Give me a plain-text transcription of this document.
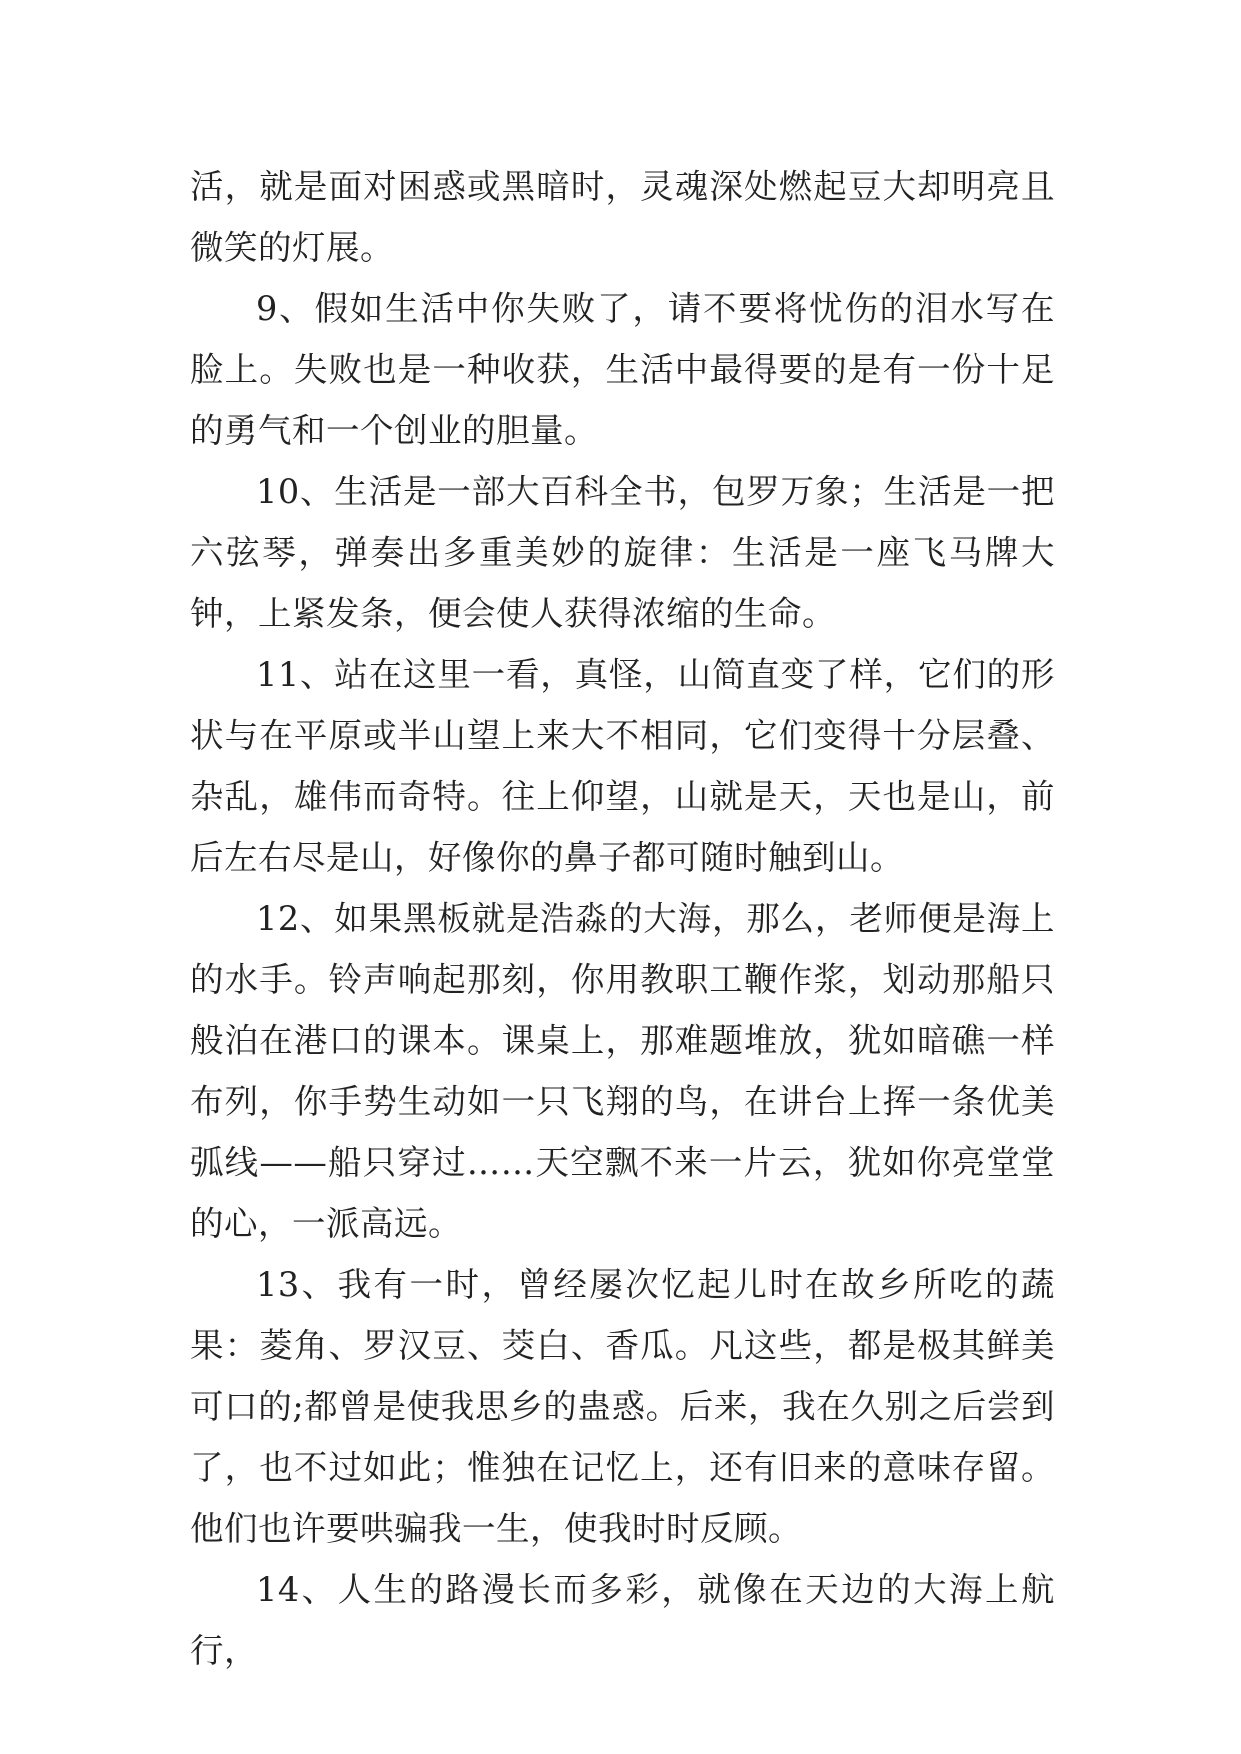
活，就是面对困惑或黑暗时，灵魂深处燃起豆大却明亮且微笑的灯展。

9、假如生活中你失败了，请不要将忧伤的泪水写在脸上。失败也是一种收获，生活中最得要的是有一份十足的勇气和一个创业的胆量。

10、生活是一部大百科全书，包罗万象；生活是一把六弦琴，弹奏出多重美妙的旋律：生活是一座飞马牌大钟，上紧发条，便会使人获得浓缩的生命。

11、站在这里一看，真怪，山简直变了样，它们的形状与在平原或半山望上来大不相同，它们变得十分层叠、杂乱，雄伟而奇特。往上仰望，山就是天，天也是山，前后左右尽是山，好像你的鼻子都可随时触到山。

12、如果黑板就是浩淼的大海，那么，老师便是海上的水手。铃声响起那刻，你用教职工鞭作浆，划动那船只般泊在港口的课本。课桌上，那难题堆放，犹如暗礁一样布列，你手势生动如一只飞翔的鸟，在讲台上挥一条优美弧线——船只穿过……天空飘不来一片云，犹如你亮堂堂的心，一派高远。

13、我有一时，曾经屡次忆起儿时在故乡所吃的蔬果：菱角、罗汉豆、茭白、香瓜。凡这些，都是极其鲜美可口的;都曾是使我思乡的蛊惑。后来，我在久别之后尝到了，也不过如此；惟独在记忆上，还有旧来的意味存留。他们也许要哄骗我一生，使我时时反顾。

14、人生的路漫长而多彩，就像在天边的大海上航行，
